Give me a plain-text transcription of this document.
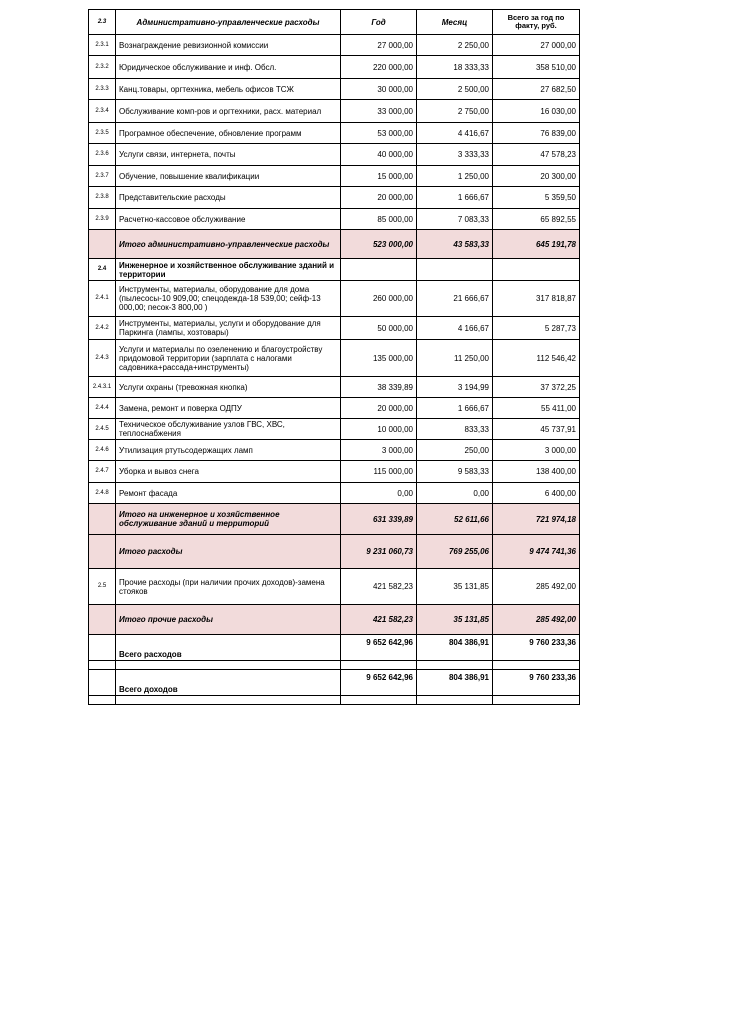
2.3	Административно-управленческие расходы	Год	Месяц	Всего за год по факту, руб.
2.3.1	Вознаграждение ревизионной комиссии	27 000,00	2 250,00	27 000,00
2.3.2	Юридическое обслуживание и инф. Обсл.	220 000,00	18 333,33	358 510,00
2.3.3	Канц.товары, оргтехника, мебель офисов ТСЖ	30 000,00	2 500,00	27 682,50
2.3.4	Обслуживание комп-ров и оргтехники, расх. материал	33 000,00	2 750,00	16 030,00
2.3.5	Програмное обеспечение, обновление программ	53 000,00	4 416,67	76 839,00
2.3.6	Услуги связи, интернета, почты	40 000,00	3 333,33	47 578,23
2.3.7	Обучение, повышение квалификации	15 000,00	1 250,00	20 300,00
2.3.8	Представительские расходы	20 000,00	1 666,67	5 359,50
2.3.9	Расчетно-кассовое обслуживание	85 000,00	7 083,33	65 892,55
	Итого административно-управленческие расходы	523 000,00	43 583,33	645 191,78
2.4	Инженерное и хозяйственное обслуживание зданий и территории			
2.4.1	Инструменты, материалы, оборудование для дома (пылесосы-10 909,00; спецодежда-18 539,00; сейф-13 000,00; песок-3 800,00 )	260 000,00	21 666,67	317 818,87
2.4.2	Инструменты, материалы, услуги и оборудование для Паркинга (лампы, хозтовары)	50 000,00	4 166,67	5 287,73
2.4.3	Услуги и материалы по озеленению и благоустройству придомовой территории (зарплата с налогами садовника+рассада+инструменты)	135 000,00	11 250,00	112 546,42
2.4.3.1	Услуги охраны (тревожная кнопка)	38 339,89	3 194,99	37 372,25
2.4.4	Замена, ремонт и поверка ОДПУ	20 000,00	1 666,67	55 411,00
2.4.5	Техническое обслуживание узлов ГВС, ХВС, теплоснабжения	10 000,00	833,33	45 737,91
2.4.6	Утилизация ртутьсодержащих ламп	3 000,00	250,00	3 000,00
2.4.7	Уборка и вывоз снега	115 000,00	9 583,33	138 400,00
2.4.8	Ремонт фасада	0,00	0,00	6 400,00
	Итого на инженерное и хозяйственное обслуживание зданий и территорий	631 339,89	52 611,66	721 974,18
	Итого расходы	9 231 060,73	769 255,06	9 474 741,36
2.5	Прочие расходы (при наличии прочих доходов)-замена стояков	421 582,23	35 131,85	285 492,00
	Итого прочие расходы	421 582,23	35 131,85	285 492,00
	Всего расходов	9 652 642,96	804 386,91	9 760 233,36

	Всего доходов	9 652 642,96	804 386,91	9 760 233,36
